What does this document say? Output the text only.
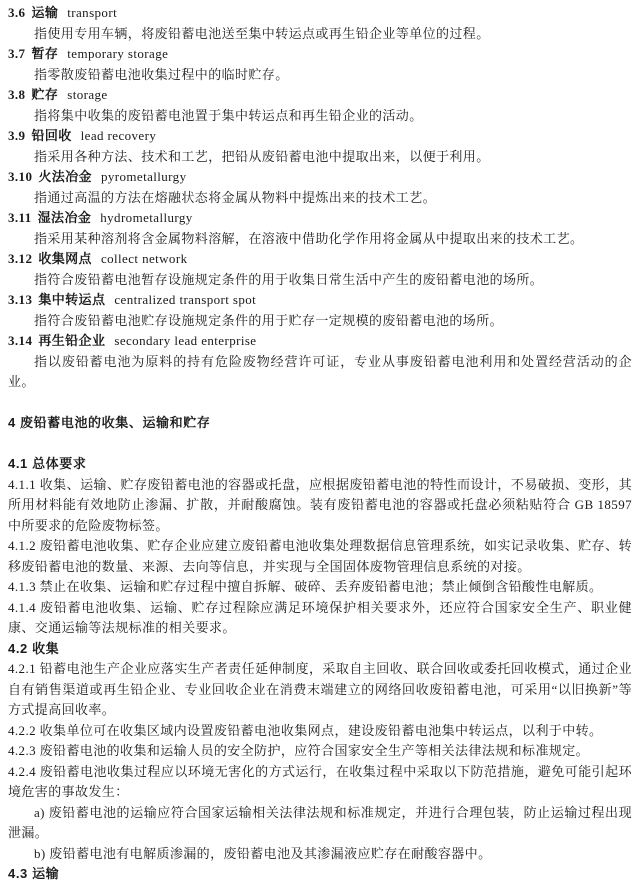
3.6 运输 transport

指使用专用车辆，将废铅蓄电池送至集中转运点或再生铅企业等单位的过程。

3.7 暂存 temporary storage

指零散废铅蓄电池收集过程中的临时贮存。

3.8 贮存 storage

指将集中收集的废铅蓄电池置于集中转运点和再生铅企业的活动。

3.9 铅回收 lead recovery

指采用各种方法、技术和工艺，把铅从废铅蓄电池中提取出来，以便于利用。

3.10 火法冶金 pyrometallurgy

指通过高温的方法在熔融状态将金属从物料中提炼出来的技术工艺。

3.11 湿法冶金 hydrometallurgy

指采用某种溶剂将含金属物料溶解，在溶液中借助化学作用将金属从中提取出来的技术工艺。

3.12 收集网点 collect network

指符合废铅蓄电池暂存设施规定条件的用于收集日常生活中产生的废铅蓄电池的场所。

3.13 集中转运点 centralized transport spot

指符合废铅蓄电池贮存设施规定条件的用于贮存一定规模的废铅蓄电池的场所。

3.14 再生铅企业 secondary lead enterprise

指以废铅蓄电池为原料的持有危险废物经营许可证，专业从事废铅蓄电池利用和处置经营活动的企业。

4 废铅蓄电池的收集、运输和贮存

4.1 总体要求

4.1.1 收集、运输、贮存废铅蓄电池的容器或托盘，应根据废铅蓄电池的特性而设计，不易破损、变形，其所用材料能有效地防止渗漏、扩散，并耐酸腐蚀。装有废铅蓄电池的容器或托盘必须粘贴符合 GB 18597 中所要求的危险废物标签。

4.1.2 废铅蓄电池收集、贮存企业应建立废铅蓄电池收集处理数据信息管理系统，如实记录收集、贮存、转移废铅蓄电池的数量、来源、去向等信息，并实现与全国固体废物管理信息系统的对接。

4.1.3 禁止在收集、运输和贮存过程中擅自拆解、破碎、丢弃废铅蓄电池；禁止倾倒含铅酸性电解质。

4.1.4 废铅蓄电池收集、运输、贮存过程除应满足环境保护相关要求外，还应符合国家安全生产、职业健康、交通运输等法规标准的相关要求。

4.2 收集

4.2.1 铅蓄电池生产企业应落实生产者责任延伸制度，采取自主回收、联合回收或委托回收模式，通过企业自有销售渠道或再生铅企业、专业回收企业在消费末端建立的网络回收废铅蓄电池，可采用“以旧换新”等方式提高回收率。

4.2.2 收集单位可在收集区域内设置废铅蓄电池收集网点，建设废铅蓄电池集中转运点，以利于中转。

4.2.3 废铅蓄电池的收集和运输人员的安全防护，应符合国家安全生产等相关法律法规和标准规定。

4.2.4 废铅蓄电池收集过程应以环境无害化的方式运行，在收集过程中采取以下防范措施，避免可能引起环境危害的事故发生：

a) 废铅蓄电池的运输应符合国家运输相关法律法规和标准规定，并进行合理包装，防止运输过程出现泄漏。

b) 废铅蓄电池有电解质渗漏的，废铅蓄电池及其渗漏液应贮存在耐酸容器中。

4.3 运输
